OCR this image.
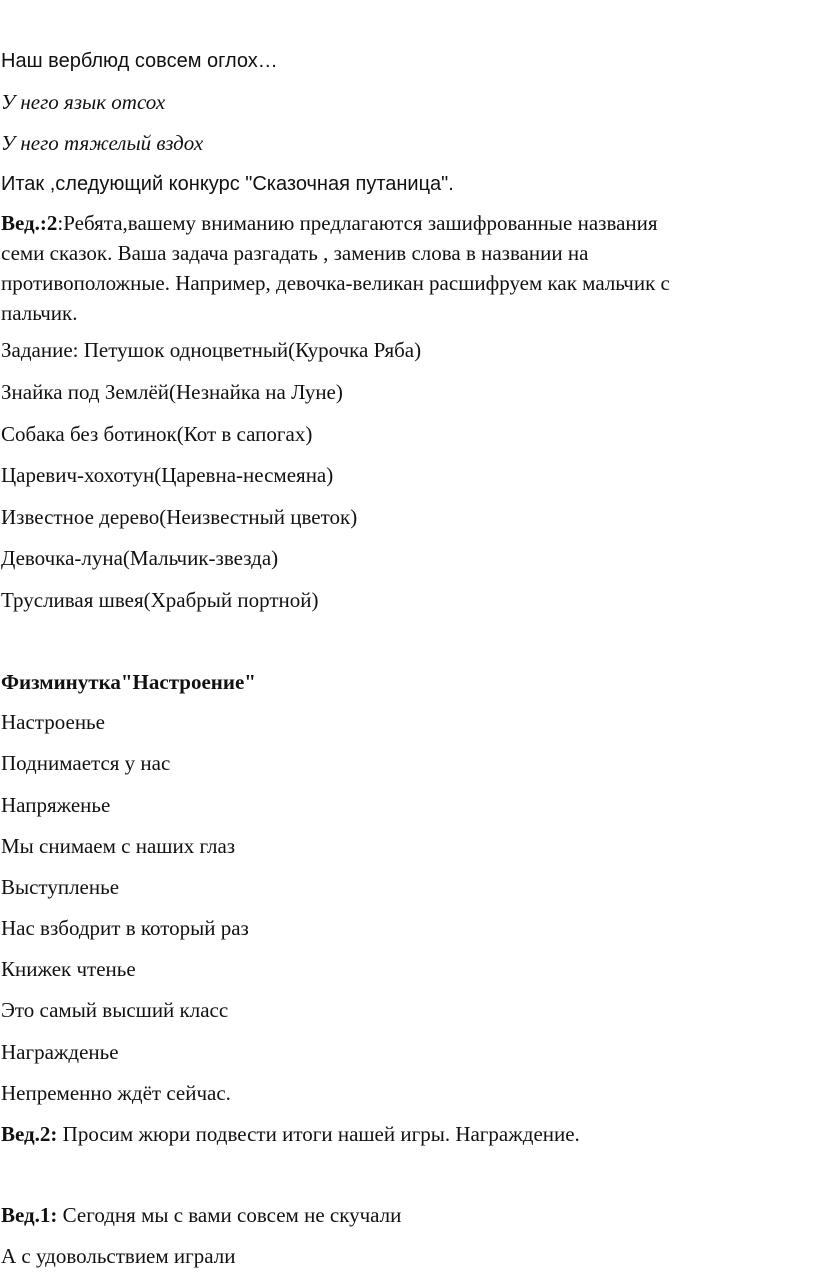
Наш верблюд совсем оглох…
У него язык отсох
У него тяжелый вздох
Итак ,следующий конкурс "Сказочная путаница".
Вед.:2:Ребята,вашему вниманию предлагаются зашифрованные названия
семи сказок. Ваша задача разгадать , заменив слова в названии на
противоположные. Например, девочка-великан расшифруем как мальчик с
пальчик.
Задание: Петушок одноцветный(Курочка Ряба)
Знайка под Землёй(Незнайка на Луне)
Собака без ботинок(Кот в сапогах)
Царевич-хохотун(Царевна-несмеяна)
Известное дерево(Неизвестный цветок)
Девочка-луна(Мальчик-звезда)
Трусливая швея(Храбрый портной)
Физминутка"Настроение"
Настроенье
Поднимается у нас
Напряженье
Мы снимаем с наших глаз
Выступленье
Нас взбодрит в который раз
Книжек чтенье
Это самый высший класс
Награжденье
Непременно ждёт сейчас.
Вед.2: Просим жюри подвести итоги нашей игры. Награждение.
Вед.1: Сегодня мы с вами совсем не скучали
А с удовольствием играли
